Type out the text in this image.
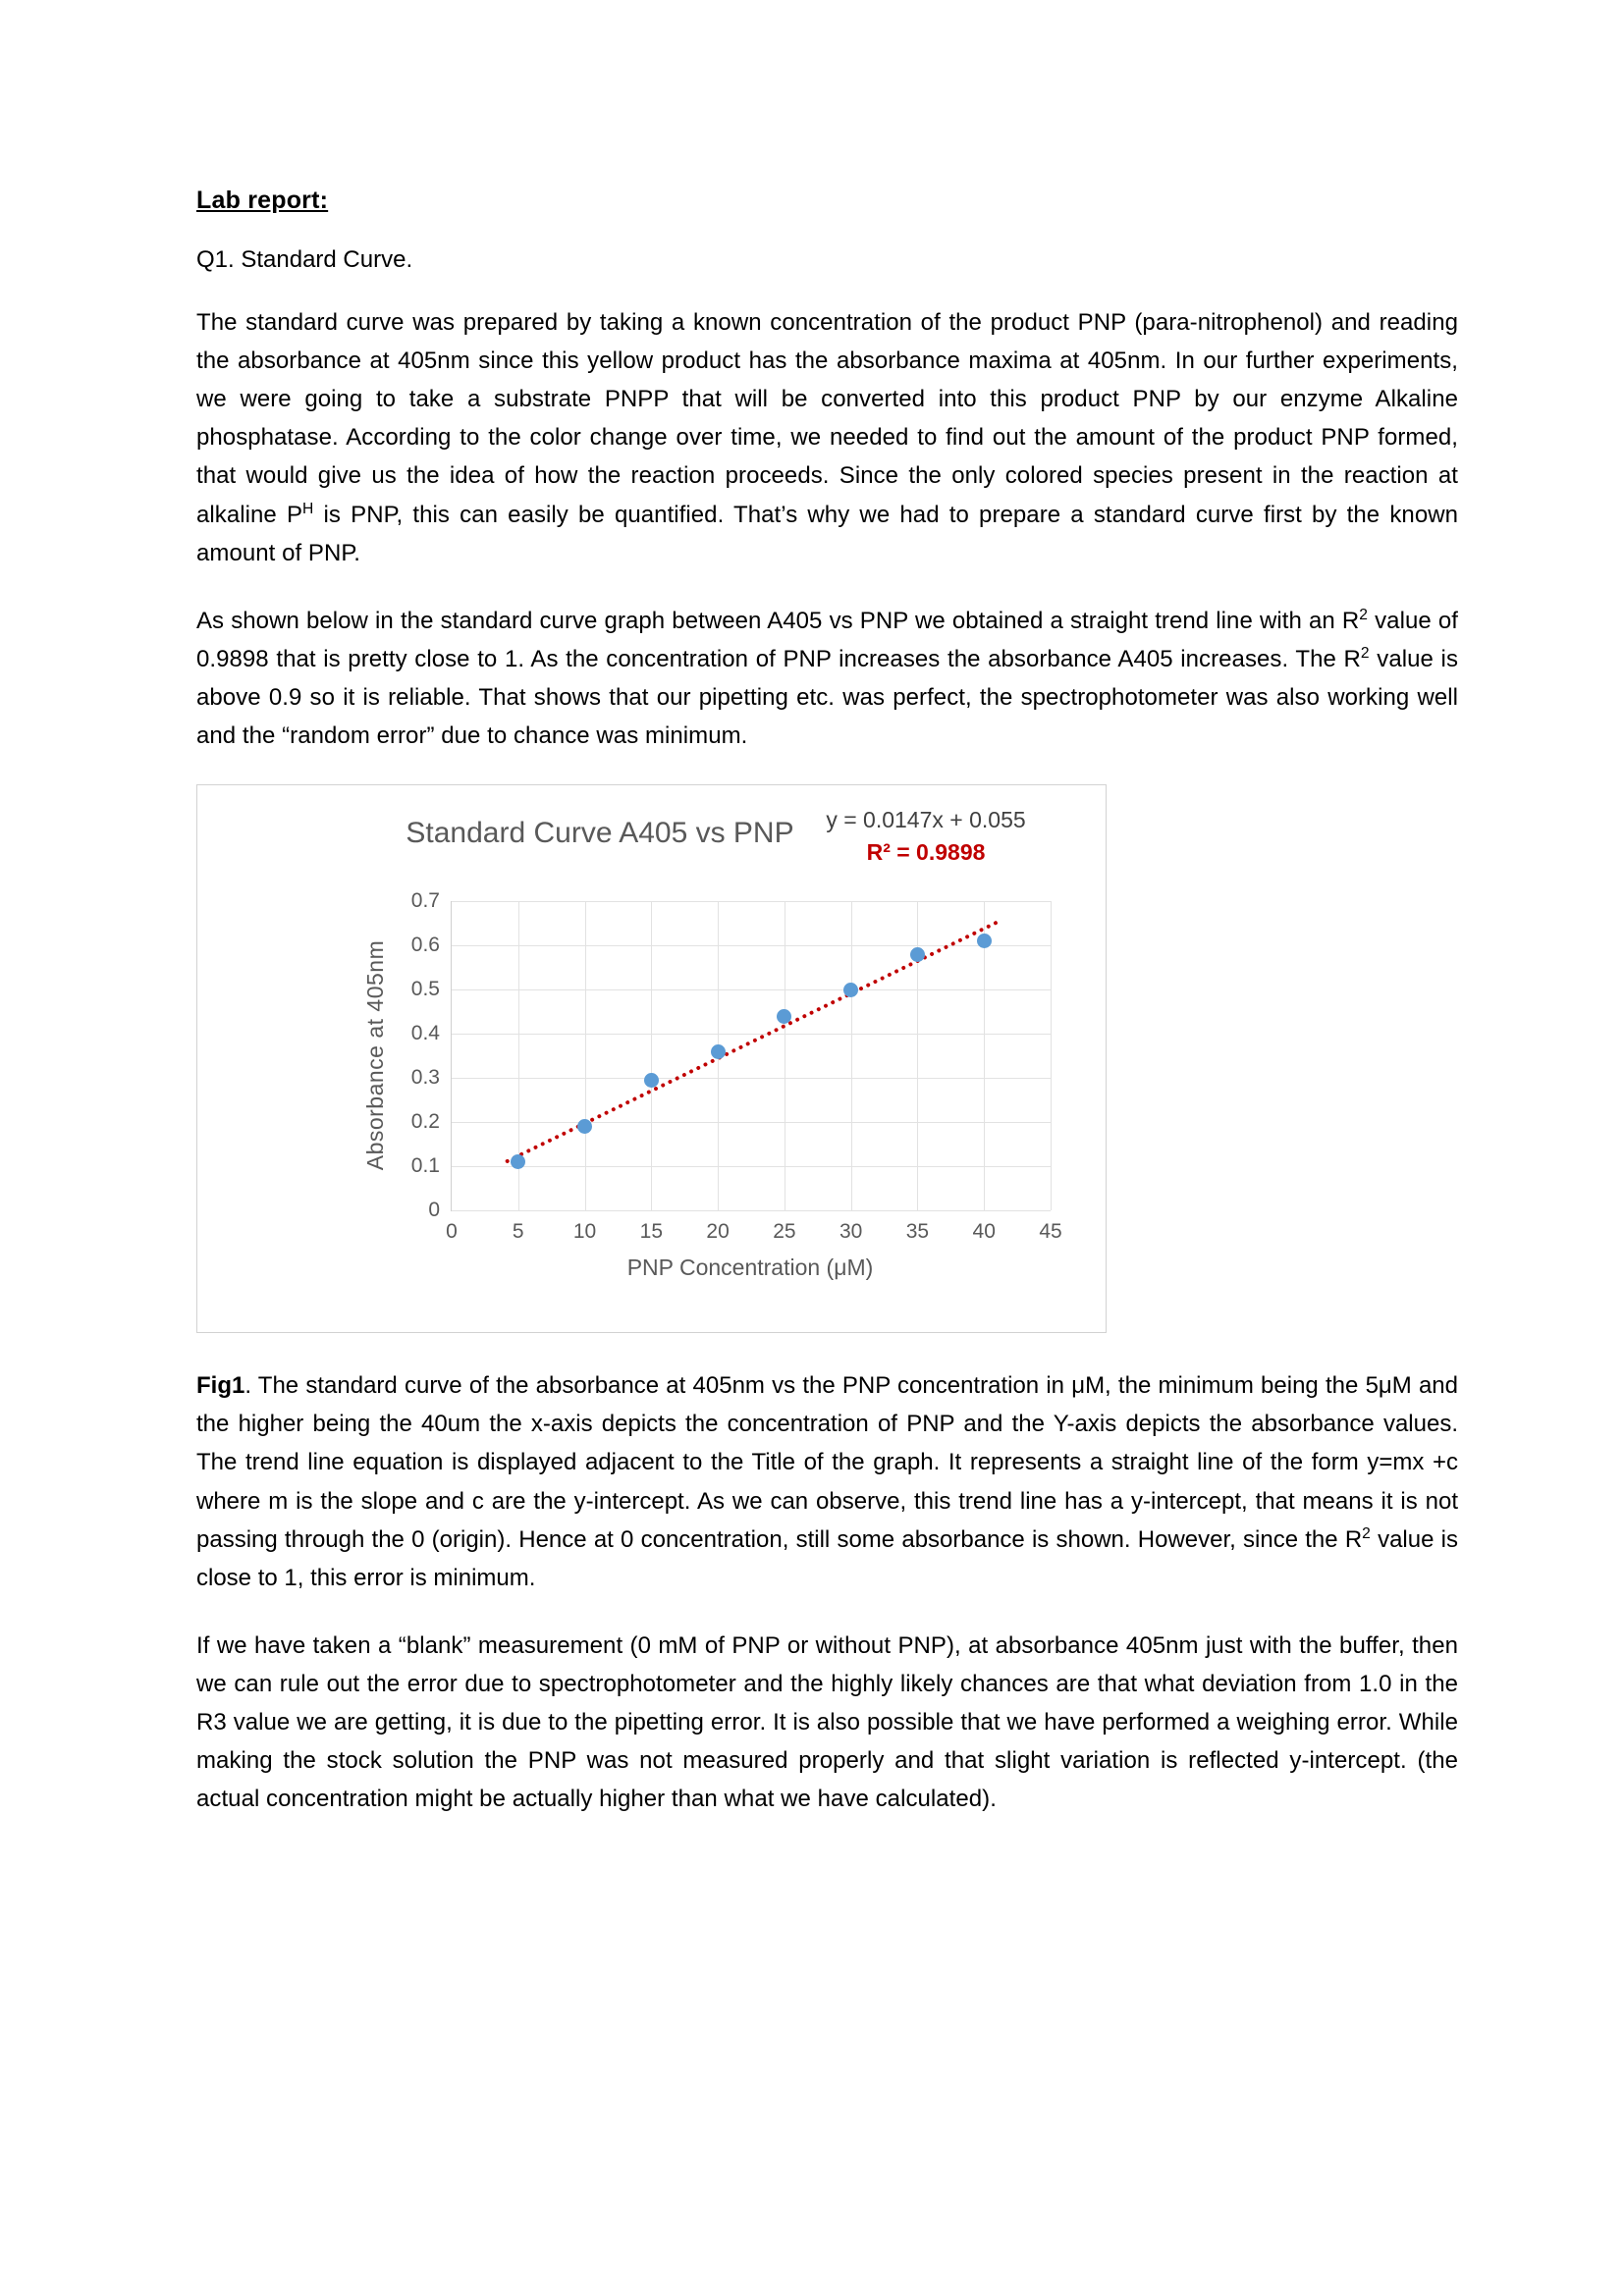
Lab report:
Q1. Standard Curve.

The standard curve was prepared by taking a known concentration of the product PNP (para-nitrophenol) and reading the absorbance at 405nm since this yellow product has the absorbance maxima at 405nm. In our further experiments, we were going to take a substrate PNPP that will be converted into this product PNP by our enzyme Alkaline phosphatase. According to the color change over time, we needed to find out the amount of the product PNP formed, that would give us the idea of how the reaction proceeds. Since the only colored species present in the reaction at alkaline $P^H$ is PNP, this can easily be quantified. That’s why we had to prepare a standard curve first by the known amount of PNP.

As shown below in the standard curve graph between A405 vs PNP we obtained a straight trend line with an $R^2$ value of 0.9898 that is pretty close to 1. As the concentration of PNP increases the absorbance A405 increases. The $R^2$ value is above 0.9 so it is reliable. That shows that our pipetting etc. was perfect, the spectrophotometer was also working well and the “random error” due to chance was minimum.

Standard Curve A405 vs PNP	y = 0.0147x + 0.055
R² = 0.9898
Absorbance at 405nm
PNP Concentration (μM)
0
0.1
0.2
0.3
0.4
0.5
0.6
0.7
0	5 10 15 20 25 30 35 40 45

Fig1. The standard curve of the absorbance at 405nm vs the PNP concentration in μM, the minimum being the 5μM and the higher being the 40um the x-axis depicts the concentration of PNP and the Y-axis depicts the absorbance values. The trend line equation is displayed adjacent to the Title of the graph. It represents a straight line of the form y=mx +c where m is the slope and c are the y-intercept. As we can observe, this trend line has a y-intercept, that means it is not passing through the 0 (origin). Hence at 0 concentration, still some absorbance is shown. However, since the $R^2$ value is close to 1, this error is minimum.

If we have taken a “blank” measurement (0 mM of PNP or without PNP), at absorbance 405nm just with the buffer, then we can rule out the error due to spectrophotometer and the highly likely chances are that what deviation from 1.0 in the R3 value we are getting, it is due to the pipetting error. It is also possible that we have performed a weighing error. While making the stock solution the PNP was not measured properly and that slight variation is reflected y-intercept. (the actual concentration might be actually higher than what we have calculated).
